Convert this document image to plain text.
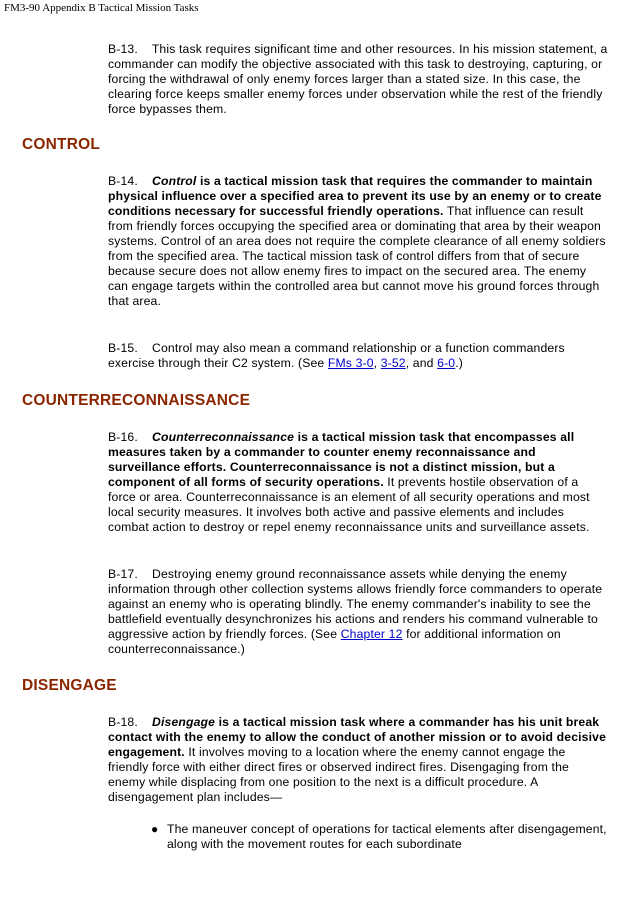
FM3-90 Appendix B Tactical Mission Tasks

B-13. This task requires significant time and other resources. In his mission statement, a commander can modify the objective associated with this task to destroying, capturing, or forcing the withdrawal of only enemy forces larger than a stated size. In this case, the clearing force keeps smaller enemy forces under observation while the rest of the friendly force bypasses them.

CONTROL

B-14. Control is a tactical mission task that requires the commander to maintain physical influence over a specified area to prevent its use by an enemy or to create conditions necessary for successful friendly operations. That influence can result from friendly forces occupying the specified area or dominating that area by their weapon systems. Control of an area does not require the complete clearance of all enemy soldiers from the specified area. The tactical mission task of control differs from that of secure because secure does not allow enemy fires to impact on the secured area. The enemy can engage targets within the controlled area but cannot move his ground forces through that area.

B-15. Control may also mean a command relationship or a function commanders exercise through their C2 system. (See FMs 3-0, 3-52, and 6-0.)

COUNTERRECONNAISSANCE

B-16. Counterreconnaissance is a tactical mission task that encompasses all measures taken by a commander to counter enemy reconnaissance and surveillance efforts. Counterreconnaissance is not a distinct mission, but a component of all forms of security operations. It prevents hostile observation of a force or area. Counterreconnaissance is an element of all security operations and most local security measures. It involves both active and passive elements and includes combat action to destroy or repel enemy reconnaissance units and surveillance assets.

B-17. Destroying enemy ground reconnaissance assets while denying the enemy information through other collection systems allows friendly force commanders to operate against an enemy who is operating blindly. The enemy commander's inability to see the battlefield eventually desynchronizes his actions and renders his command vulnerable to aggressive action by friendly forces. (See Chapter 12 for additional information on counterreconnaissance.)

DISENGAGE

B-18. Disengage is a tactical mission task where a commander has his unit break contact with the enemy to allow the conduct of another mission or to avoid decisive engagement. It involves moving to a location where the enemy cannot engage the friendly force with either direct fires or observed indirect fires. Disengaging from the enemy while displacing from one position to the next is a difficult procedure. A disengagement plan includes—

● The maneuver concept of operations for tactical elements after disengagement, along with the movement routes for each subordinate
